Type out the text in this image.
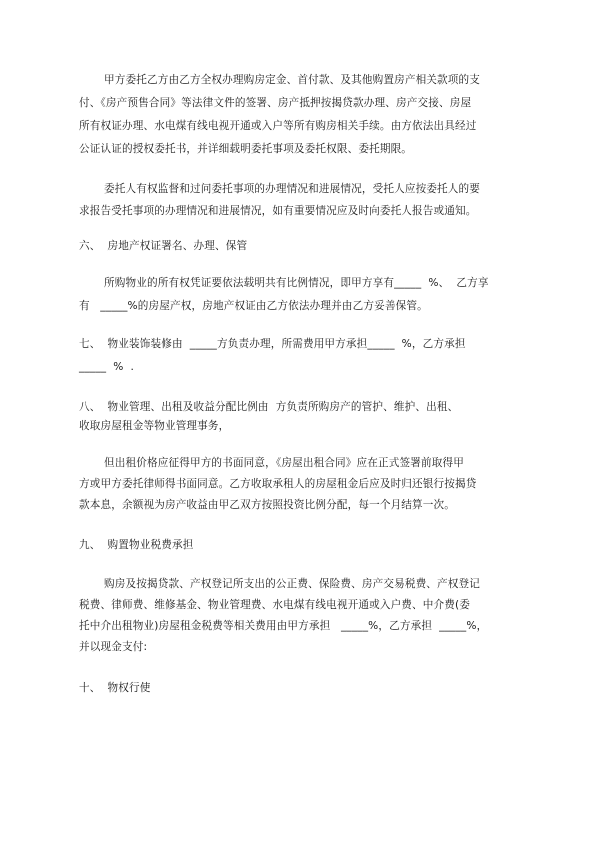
甲方委托乙方由乙方全权办理购房定金、首付款、及其他购置房产相关款项的支

付、《房产预售合同》等法律文件的签署、房产抵押按揭贷款办理、房产交接、房屋

所有权证办理、水电煤有线电视开通或入户等所有购房相关手续。由方依法出具经过

公证认证的授权委托书，并详细载明委托事项及委托权限、委托期限。

委托人有权监督和过问委托事项的办理情况和进展情况，受托人应按委托人的要

求报告受托事项的办理情况和进展情况，如有重要情况应及时向委托人报告或通知。

六、  房地产权证署名、办理、保管

所购物业的所有权凭证要依法载明共有比例情况，即甲方享有_____  %、  乙方享

有   _____%的房屋产权，房地产权证由乙方依法办理并由乙方妥善保管。

七、  物业装饰装修由  _____方负责办理，所需费用甲方承担_____  %，乙方承担

_____  %  .

八、  物业管理、出租及收益分配比例由  方负责所购房产的管护、维护、出租、

收取房屋租金等物业管理事务，

但出租价格应征得甲方的书面同意，《房屋出租合同》应在正式签署前取得甲

方或甲方委托律师得书面同意。乙方收取承租人的房屋租金后应及时归还银行按揭贷

款本息，余额视为房产收益由甲乙双方按照投资比例分配，每一个月结算一次。

九、  购置物业税费承担

购房及按揭贷款、产权登记所支出的公正费、保险费、房产交易税费、产权登记

税费、律师费、维修基金、物业管理费、水电煤有线电视开通或入户费、中介费(委

托中介出租物业)房屋租金税费等相关费用由甲方承担   _____%，乙方承担  _____%，

并以现金支付:

十、  物权行使
